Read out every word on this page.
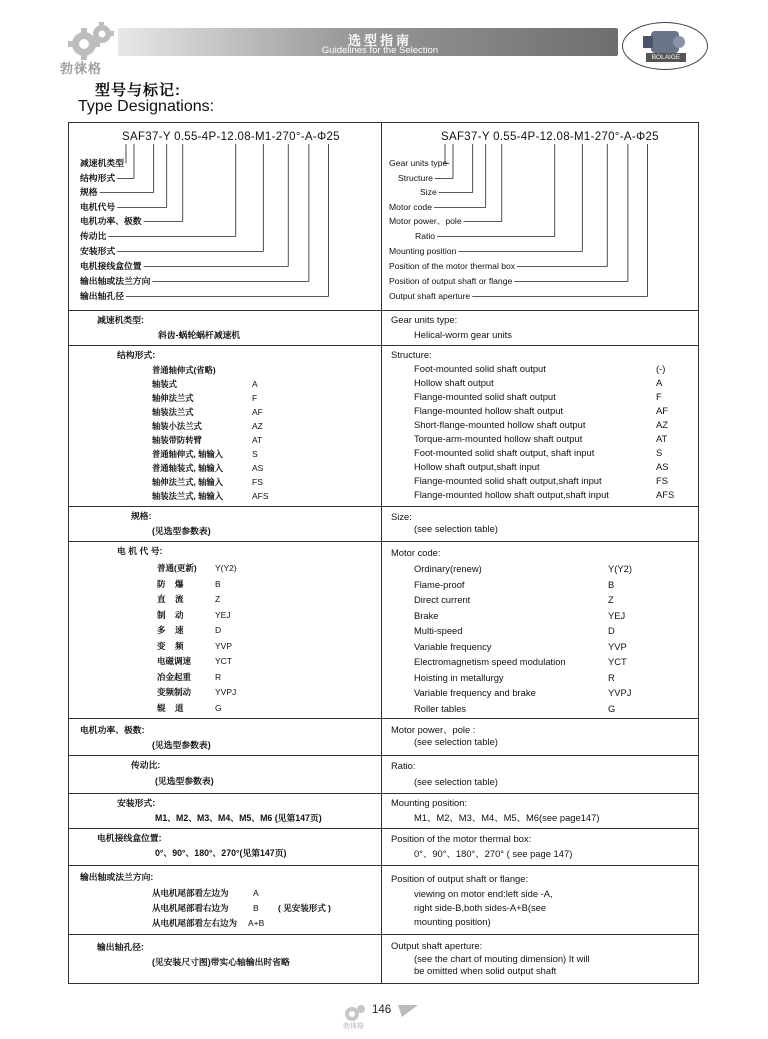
选型指南
Guidelines for the Selection
勃徕格
BOLAIGE
型号与标记:
Type Designations:
SAF37-Y 0.55-4P-12.08-M1-270°-A-Φ25	SAF37-Y 0.55-4P-12.08-M1-270°-A-Φ25
减速机类型
结构形式
规格
电机代号
电机功率、极数
传动比
安装形式
电机接线盒位置
输出轴或法兰方向
输出轴孔径
Gear units type
Structure
Size
Motor code
Motor power、pole
Ratio
Mounting position
Position of the motor thermal box
Position of output shaft or flange
Output shaft aperture
减速机类型:
斜齿-蜗轮蜗杆减速机
Gear units type:
Helical-worm gear units
结构形式:	Structure:
普通轴伸式(省略)	Foot-mounted solid shaft output	(-)
轴装式	A	Hollow shaft output	A
轴伸法兰式	F	Flange-mounted solid shaft output	F
轴装法兰式	AF	Flange-mounted hollow shaft output	AF
轴装小法兰式	AZ	Short-flange-mounted hollow shaft output	AZ
轴装带防转臂	AT	Torque-arm-mounted hollow shaft output	AT
普通轴伸式, 轴输入	S	Foot-mounted solid shaft output, shaft input	S
普通轴装式, 轴输入	AS	Hollow shaft output,shaft input	AS
轴伸法兰式, 轴输入	FS	Flange-mounted solid shaft output,shaft input	FS
轴装法兰式, 轴输入	AFS	Flange-mounted hollow shaft output,shaft input	AFS
规格:
(见选型参数表)
Size:
(see selection table)
电 机 代 号:	Motor code:
普通(更新) Y(Y2)	Ordinary(renew)	Y(Y2)
防    爆	B	Flame-proof	B
直    流	Z	Direct current	Z
制    动	YEJ	Brake	YEJ
多    速	D	Multi-speed	D
变    频	YVP	Variable frequency	YVP
电磁调速	YCT	Electromagnetism speed modulation	YCT
冶金起重	R	Hoisting in metallurgy	R
变频制动	YVPJ	Variable frequency and brake	YVPJ
辊    道	G	Roller tables	G
电机功率、极数:
(见选型参数表)
Motor power、pole :
(see selection table)
传动比:
(见选型参数表)
Ratio:
(see selection table)
安装形式:
M1、M2、M3、M4、M5、M6 (见第147页)
Mounting position:
M1、M2、M3、M4、M5、M6(see page147)
电机接线盒位置:
0°、90°、180°、270°(见第147页)
Position of the motor thermal box:
0°、90°、180°、270° ( see page 147)
输出轴或法兰方向:
从电机尾部看左边为	A
从电机尾部看右边为	B ( 见安装形式 )
从电机尾部看左右边为 A+B
Position of output shaft or flange:
viewing on motor end:left side -A,
right side-B,both sides-A+B(see
mounting position)
输出轴孔径:
(见安装尺寸图)带实心轴输出时省略
Output shaft aperture:
(see the chart of mouting dimension) It will
be omitted when solid output shaft
勃徕格
146
